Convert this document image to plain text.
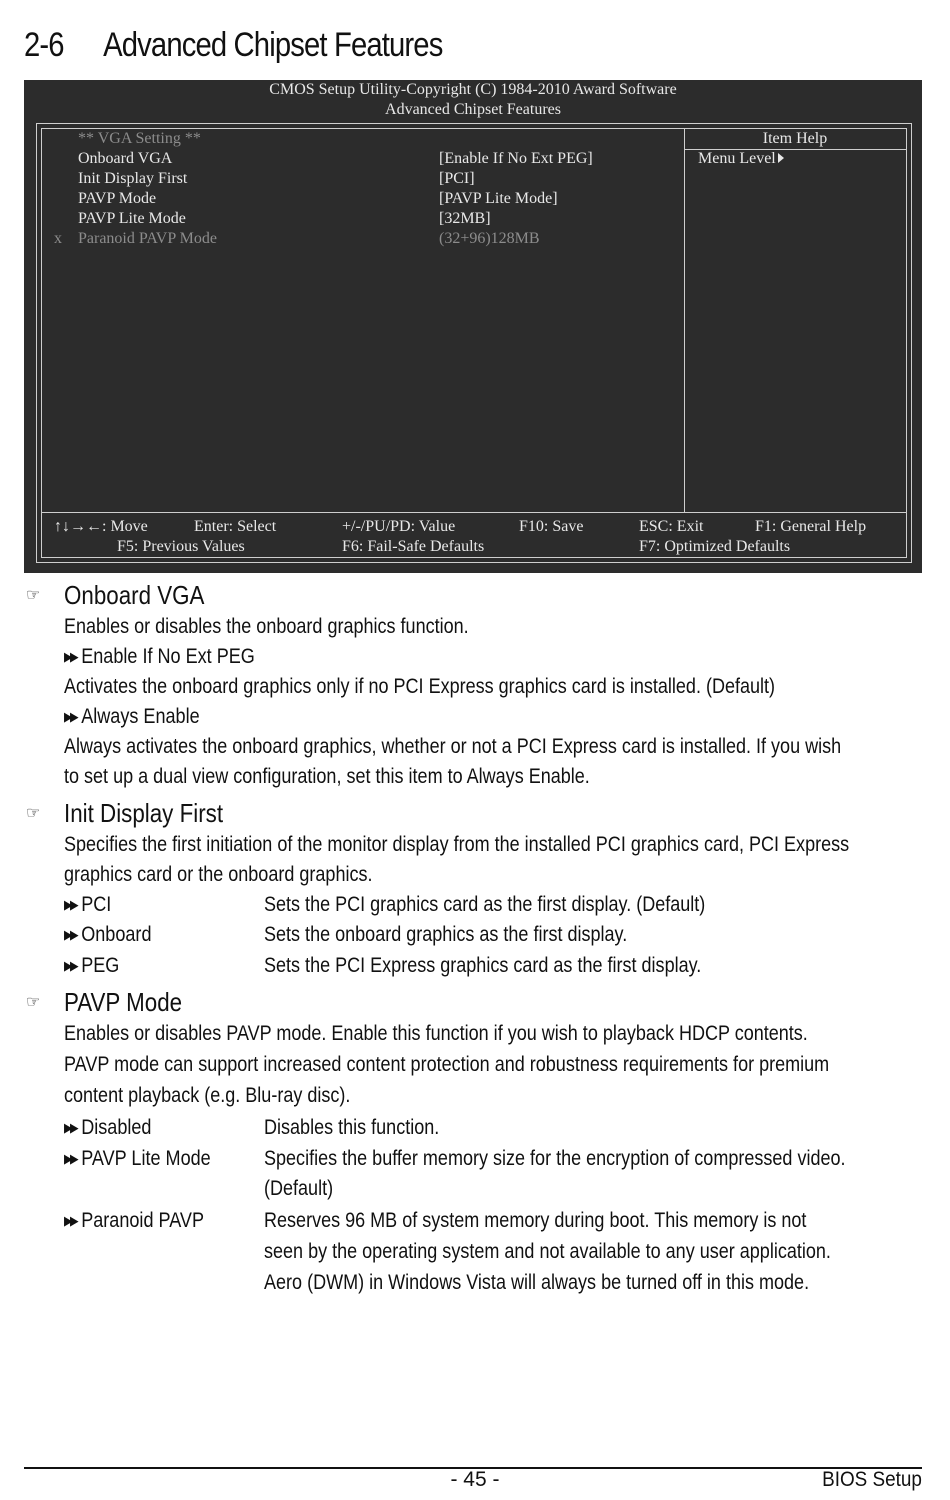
2-6 Advanced Chipset Features
CMOS Setup Utility-Copyright (C) 1984-2010 Award Software
Advanced Chipset Features
** VGA Setting **
Onboard VGA	[Enable If No Ext PEG]
Init Display First	[PCI]
PAVP Mode	[PAVP Lite Mode]
PAVP Lite Mode	[32MB]
x Paranoid PAVP Mode	(32+96)128MB
Item Help
Menu Level
↑↓→←: Move	Enter: Select	+/-/PU/PD: Value	F10: Save	ESC: Exit	F1: General Help
F5: Previous Values	F6: Fail-Safe Defaults	F7: Optimized Defaults
☞ Onboard VGA
Enables or disables the onboard graphics function.
▶▶ Enable If No Ext PEG
Activates the onboard graphics only if no PCI Express graphics card is installed. (Default)
▶▶ Always Enable
Always activates the onboard graphics, whether or not a PCI Express card is installed. If you wish
to set up a dual view configuration, set this item to Always Enable.
☞ Init Display First
Specifies the first initiation of the monitor display from the installed PCI graphics card, PCI Express
graphics card or the onboard graphics.
▶▶ PCI	Sets the PCI graphics card as the first display. (Default)
▶▶ Onboard	Sets the onboard graphics as the first display.
▶▶ PEG	Sets the PCI Express graphics card as the first display.
☞ PAVP Mode
Enables or disables PAVP mode. Enable this function if you wish to playback HDCP contents.
PAVP mode can support increased content protection and robustness requirements for premium
content playback (e.g. Blu-ray disc).
▶▶ Disabled	Disables this function.
▶▶ PAVP Lite Mode	Specifies the buffer memory size for the encryption of compressed video.
(Default)
▶▶ Paranoid PAVP	Reserves 96 MB of system memory during boot. This memory is not
seen by the operating system and not available to any user application.
Aero (DWM) in Windows Vista will always be turned off in this mode.
- 45 -	BIOS Setup
